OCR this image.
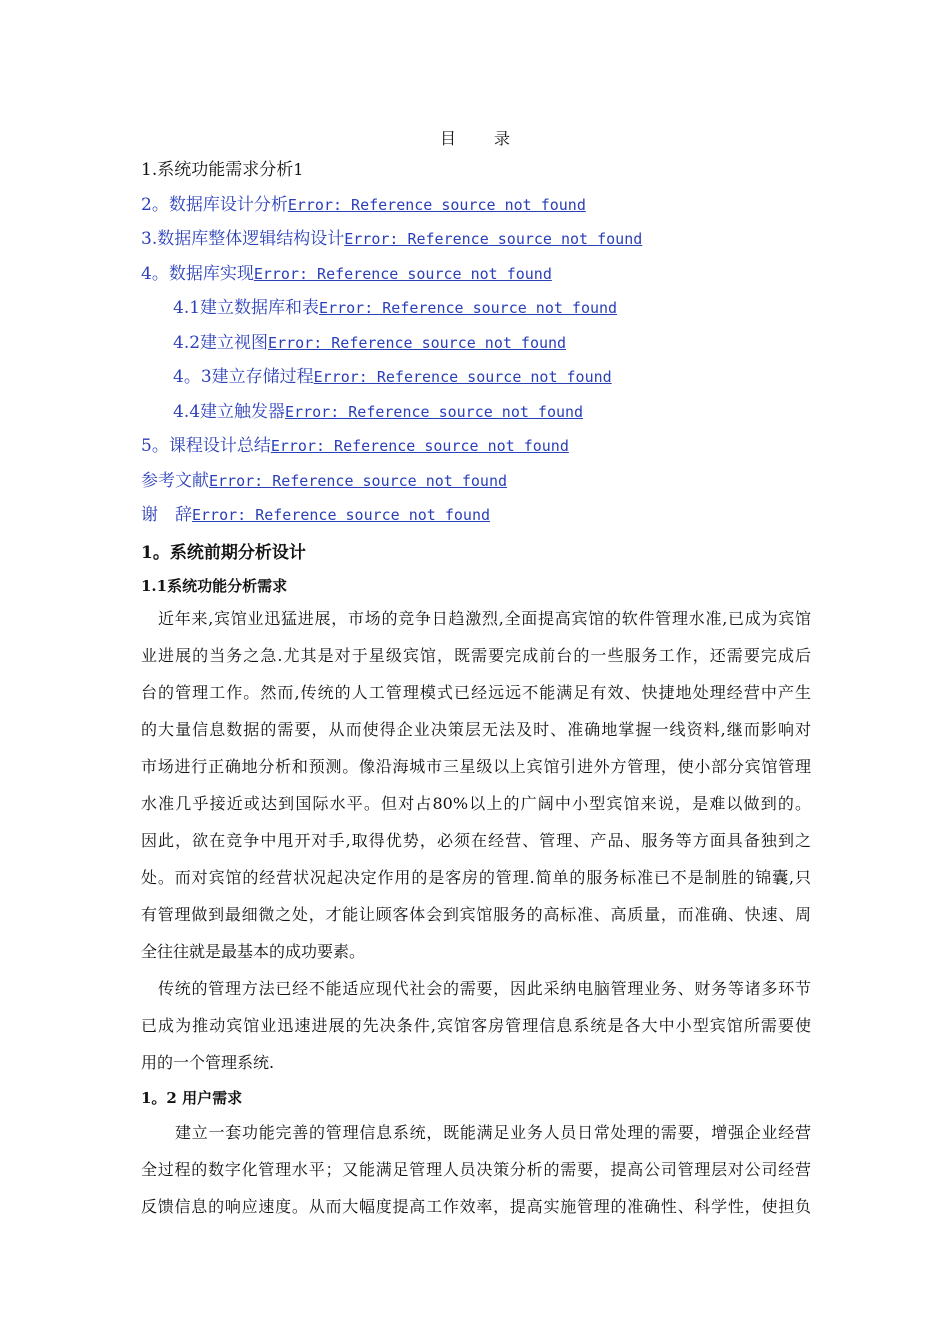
目 录
1.系统功能需求分析1
2。数据库设计分析Error: Reference source not found
3.数据库整体逻辑结构设计Error: Reference source not found
4。数据库实现Error: Reference source not found
4.1建立数据库和表Error: Reference source not found
4.2建立视图Error: Reference source not found
4。3建立存储过程Error: Reference source not found
4.4建立触发器Error: Reference source not found
5。课程设计总结Error: Reference source not found
参考文献Error: Reference source not found
谢　辞Error: Reference source not found
1。系统前期分析设计
1.1系统功能分析需求
近年来,宾馆业迅猛进展，市场的竞争日趋激烈,全面提高宾馆的软件管理水准,已成为宾馆
业进展的当务之急.尤其是对于星级宾馆，既需要完成前台的一些服务工作，还需要完成后
台的管理工作。然而,传统的人工管理模式已经远远不能满足有效、快捷地处理经营中产生
的大量信息数据的需要，从而使得企业决策层无法及时、准确地掌握一线资料,继而影响对
市场进行正确地分析和预测。像沿海城市三星级以上宾馆引进外方管理，使小部分宾馆管理
水准几乎接近或达到国际水平。但对占80%以上的广阔中小型宾馆来说，是难以做到的。
因此，欲在竞争中甩开对手,取得优势，必须在经营、管理、产品、服务等方面具备独到之
处。而对宾馆的经营状况起决定作用的是客房的管理.简单的服务标准已不是制胜的锦囊,只
有管理做到最细微之处，才能让顾客体会到宾馆服务的高标准、高质量，而准确、快速、周
全往往就是最基本的成功要素。
传统的管理方法已经不能适应现代社会的需要，因此采纳电脑管理业务、财务等诸多环节
已成为推动宾馆业迅速进展的先决条件,宾馆客房管理信息系统是各大中小型宾馆所需要使
用的一个管理系统.
1。2 用户需求
建立一套功能完善的管理信息系统，既能满足业务人员日常处理的需要，增强企业经营
全过程的数字化管理水平；又能满足管理人员决策分析的需要，提高公司管理层对公司经营
反馈信息的响应速度。从而大幅度提高工作效率，提高实施管理的准确性、科学性，使担负
